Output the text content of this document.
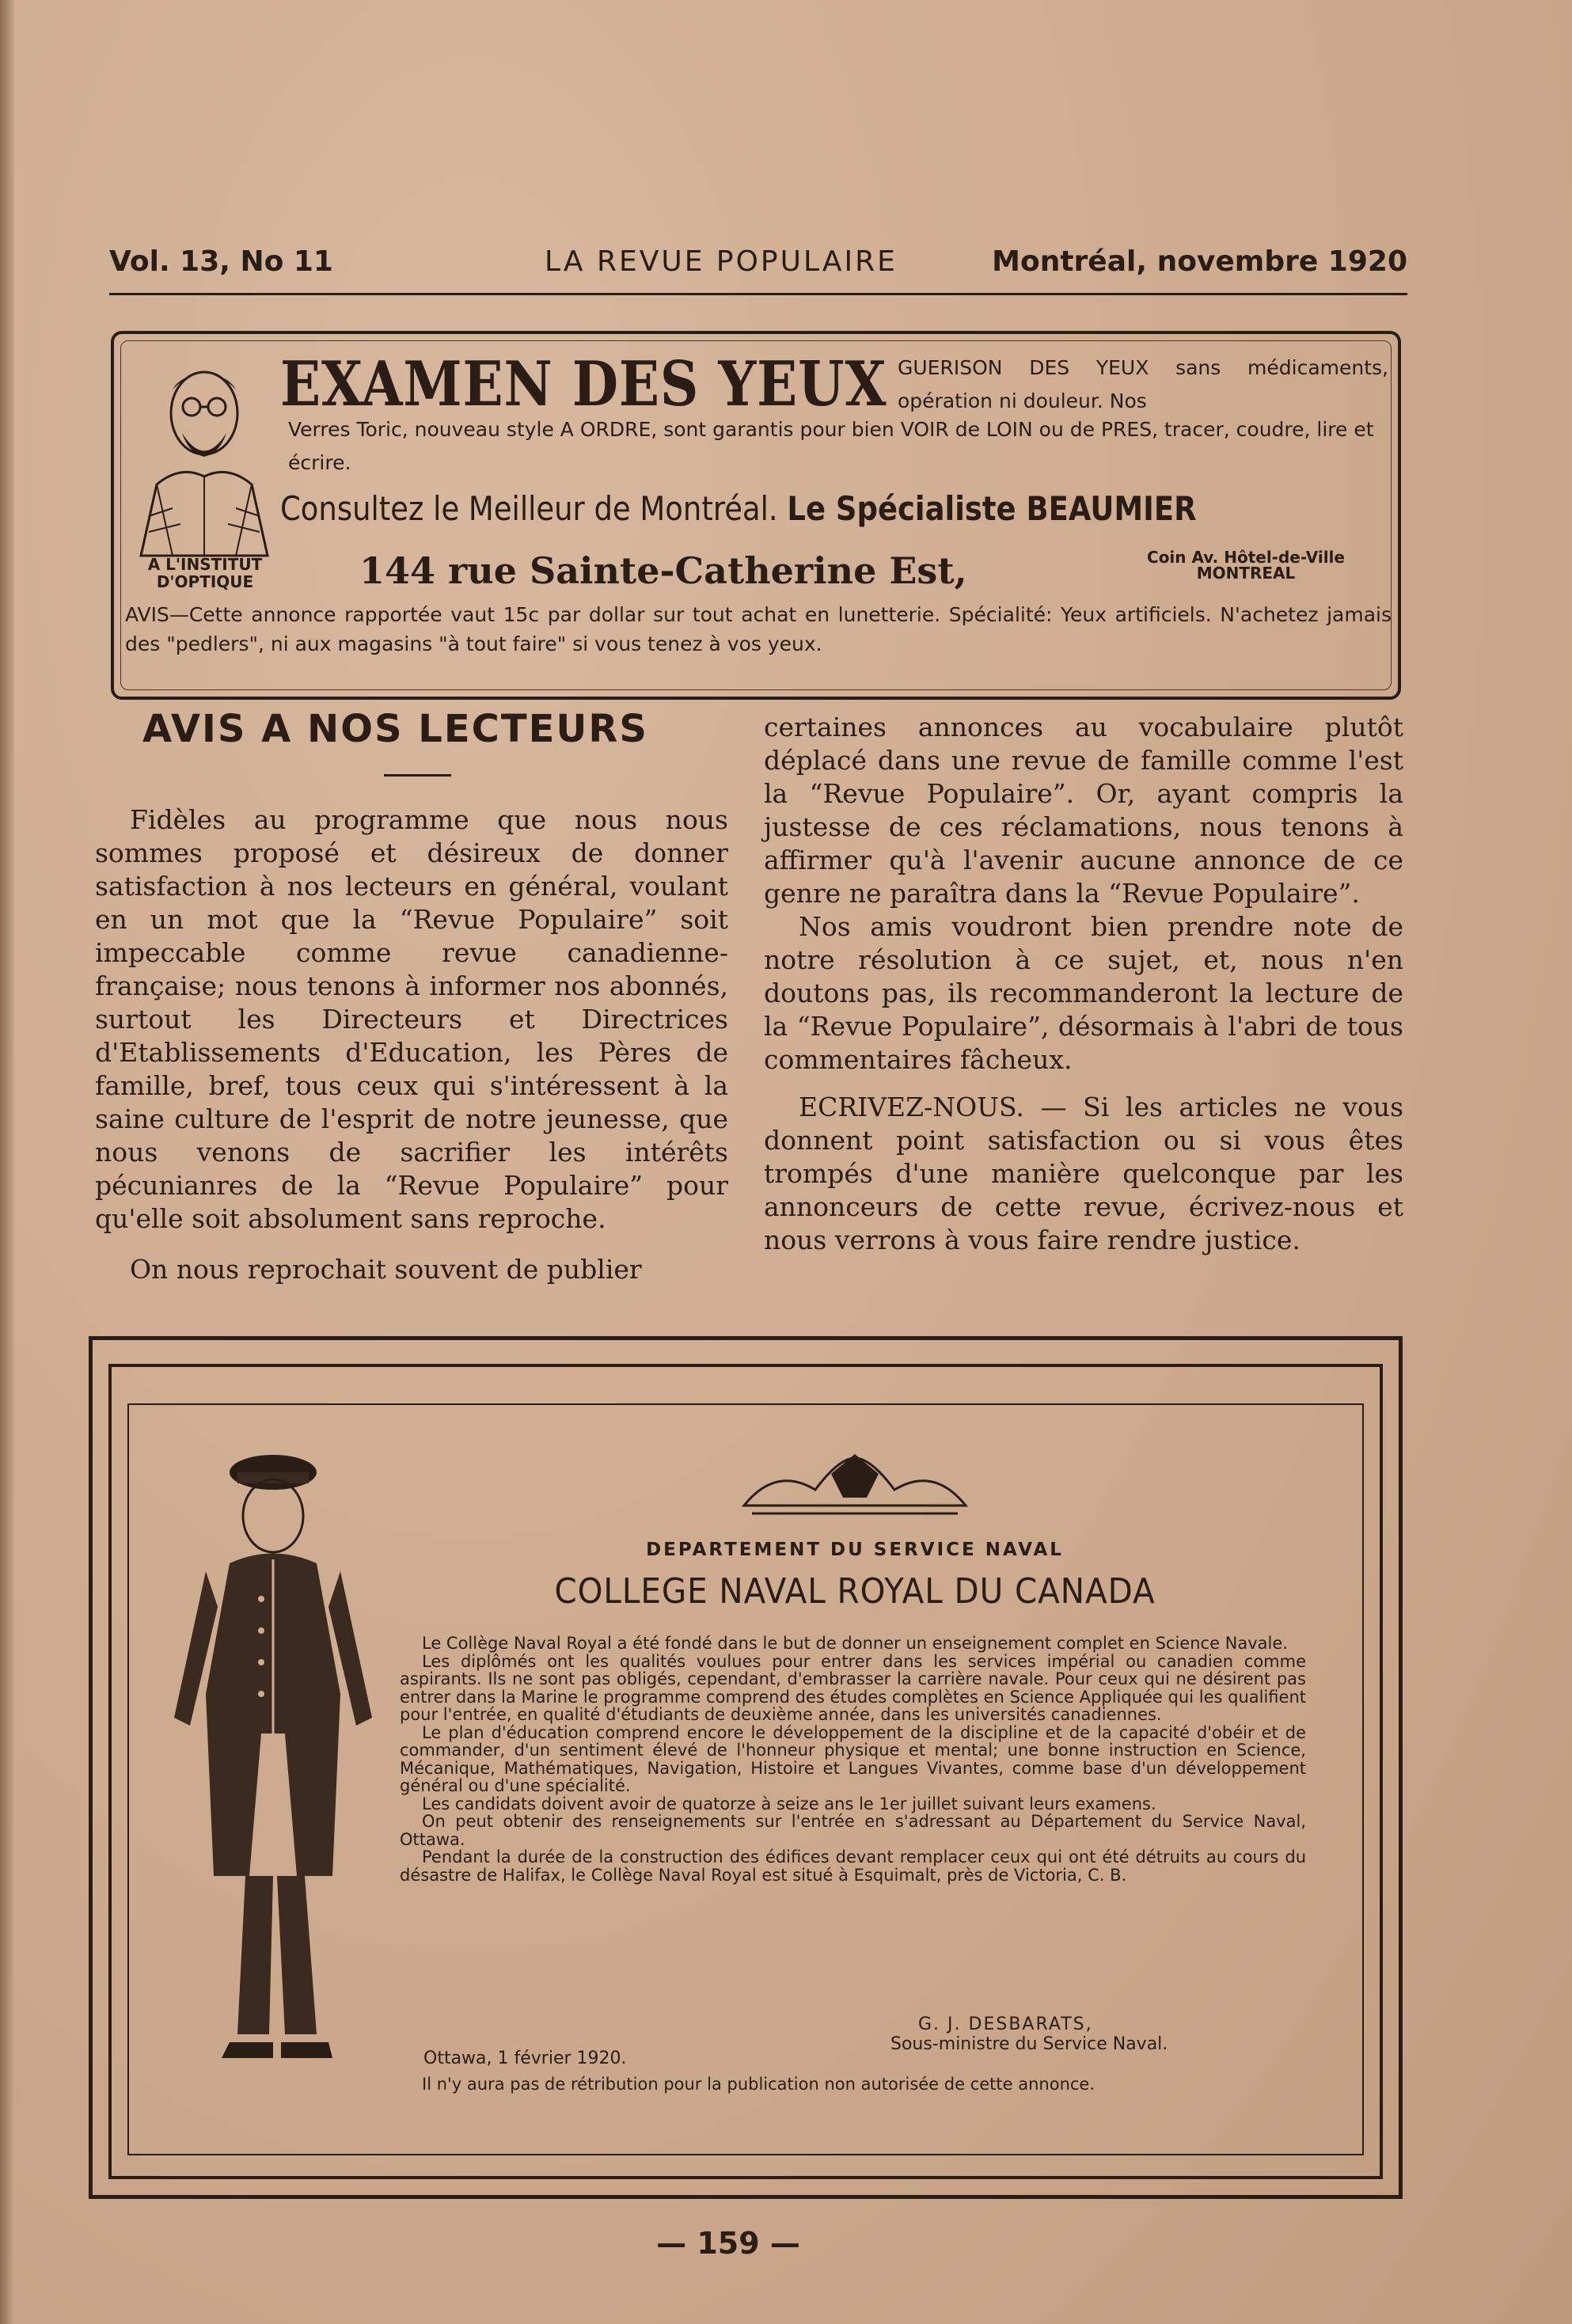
Vol. 13, No 11	LA REVUE POPULAIRE	Montréal, novembre 1920
EXAMEN DES YEUX GUERISON DES YEUX sans médicaments, opération ni douleur. Nos
Verres Toric, nouveau style A ORDRE, sont garantis pour bien VOIR de LOIN ou de PRES, tracer, coudre, lire et écrire.
Consultez le Meilleur de Montréal. Le Spécialiste BEAUMIER
A L'INSTITUT D'OPTIQUE	144 rue Sainte-Catherine Est,	Coin Av. Hôtel-de-Ville MONTREAL
AVIS—Cette annonce rapportée vaut 15c par dollar sur tout achat en lunetterie. Spécialité: Yeux artificiels. N'achetez jamais des "pedlers", ni aux magasins "à tout faire" si vous tenez à vos yeux.
AVIS A NOS LECTEURS

Fidèles au programme que nous nous sommes proposé et désireux de donner satisfaction à nos lecteurs en général, voulant en un mot que la “Revue Populaire” soit impeccable comme revue canadienne-française; nous tenons à informer nos abonnés, surtout les Directeurs et Directrices d'Etablissements d'Education, les Pères de famille, bref, tous ceux qui s'intéressent à la saine culture de l'esprit de notre jeunesse, que nous venons de sacrifier les intérêts pécunianres de la “Revue Populaire” pour qu'elle soit absolument sans reproche.

On nous reprochait souvent de publier

certaines annonces au vocabulaire plutôt déplacé dans une revue de famille comme l'est la “Revue Populaire”. Or, ayant compris la justesse de ces réclamations, nous tenons à affirmer qu'à l'avenir aucune annonce de ce genre ne paraîtra dans la “Revue Populaire”.

Nos amis voudront bien prendre note de notre résolution à ce sujet, et, nous n'en doutons pas, ils recommanderont la lecture de la “Revue Populaire”, désormais à l'abri de tous commentaires fâcheux.

ECRIVEZ-NOUS. — Si les articles ne vous donnent point satisfaction ou si vous êtes trompés d'une manière quelconque par les annonceurs de cette revue, écrivez-nous et nous verrons à vous faire rendre justice.

DEPARTEMENT DU SERVICE NAVAL
COLLEGE NAVAL ROYAL DU CANADA

Le Collège Naval Royal a été fondé dans le but de donner un enseignement complet en Science Navale.

Les diplômés ont les qualités voulues pour entrer dans les services impérial ou canadien comme aspirants. Ils ne sont pas obligés, cependant, d'embrasser la carrière navale. Pour ceux qui ne désirent pas entrer dans la Marine le programme comprend des études complètes en Science Appliquée qui les qualifient pour l'entrée, en qualité d'étudiants de deuxième année, dans les universités canadiennes.

Le plan d'éducation comprend encore le développement de la discipline et de la capacité d'obéir et de commander, d'un sentiment élevé de l'honneur physique et mental; une bonne instruction en Science, Mécanique, Mathématiques, Navigation, Histoire et Langues Vivantes, comme base d'un développement général ou d'une spécialité.

Les candidats doivent avoir de quatorze à seize ans le 1er juillet suivant leurs examens.

On peut obtenir des renseignements sur l'entrée en s'adressant au Département du Service Naval, Ottawa.

Pendant la durée de la construction des édifices devant remplacer ceux qui ont été détruits au cours du désastre de Halifax, le Collège Naval Royal est situé à Esquimalt, près de Victoria, C. B.

G. J. DESBARATS,
Sous-ministre du Service Naval.
Ottawa, 1 février 1920.
Il n'y aura pas de rétribution pour la publication non autorisée de cette annonce.
— 159 —
